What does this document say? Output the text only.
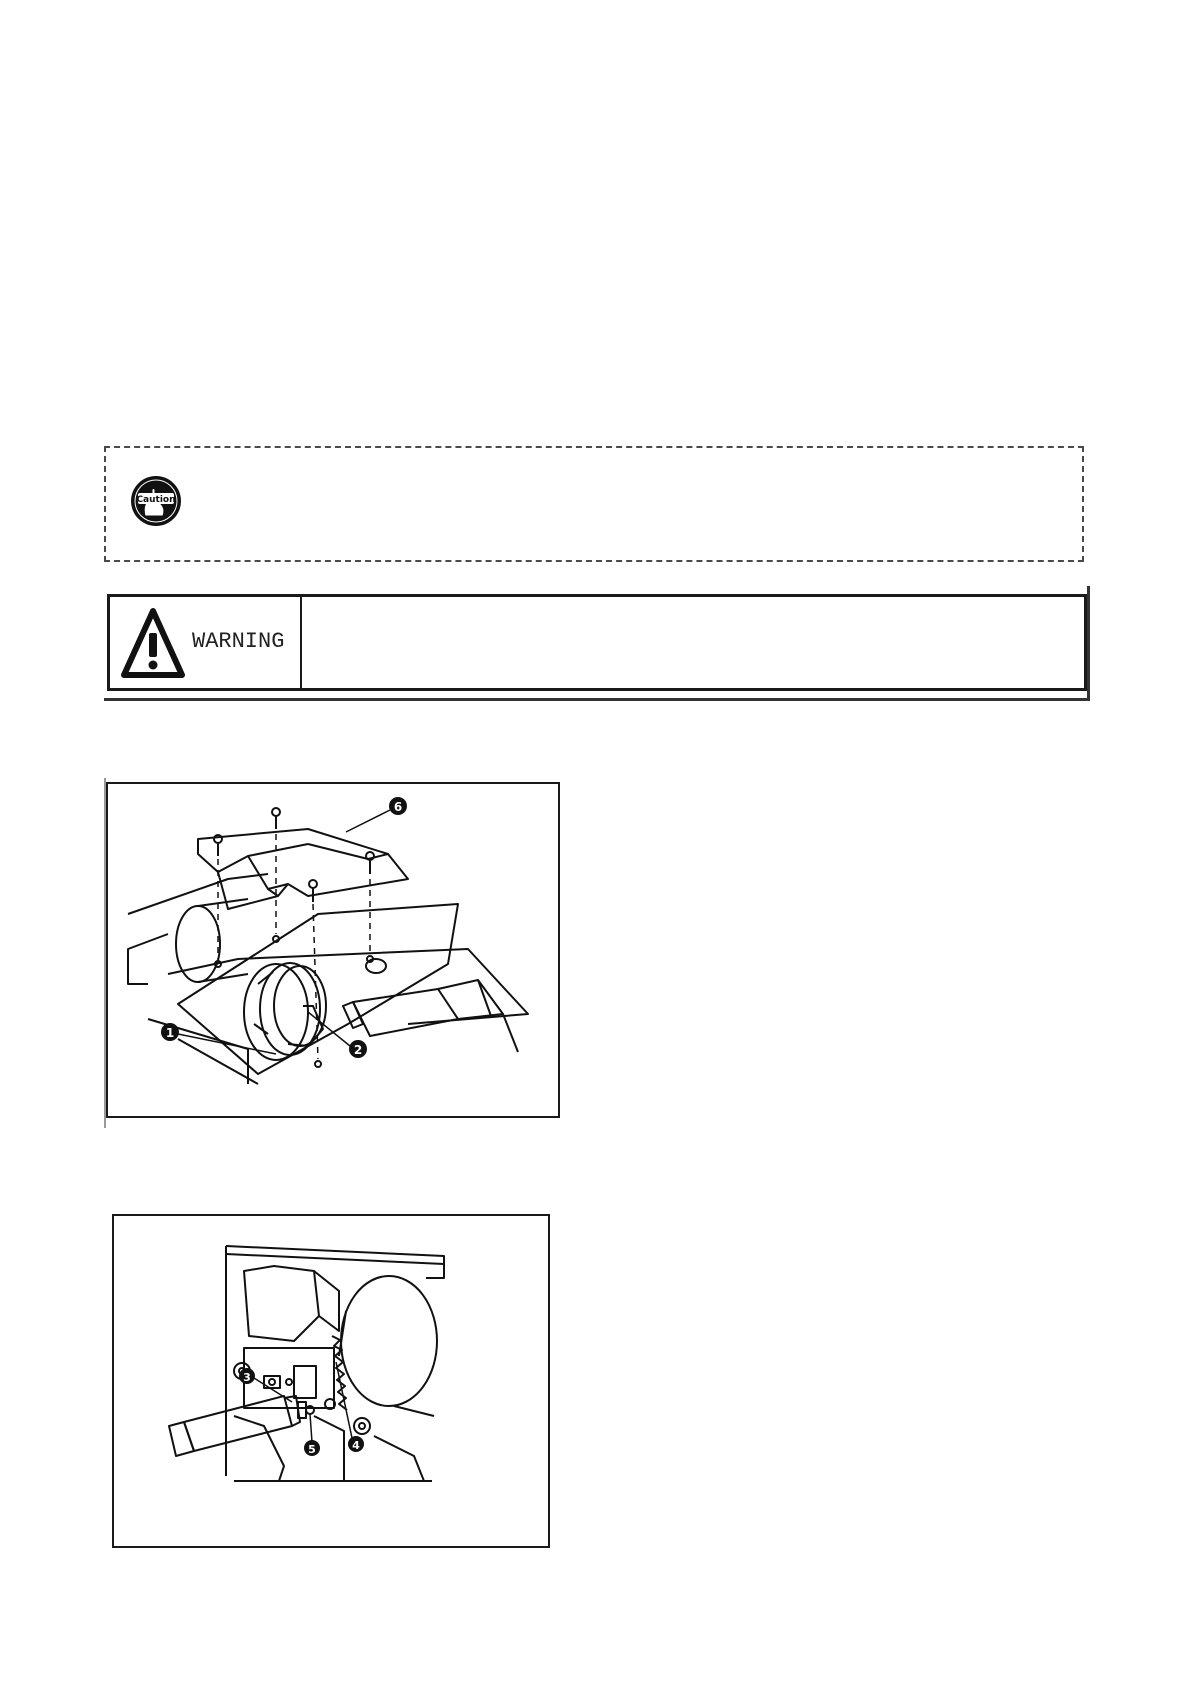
Caution
WARNING
1
2
6
3
4
5
